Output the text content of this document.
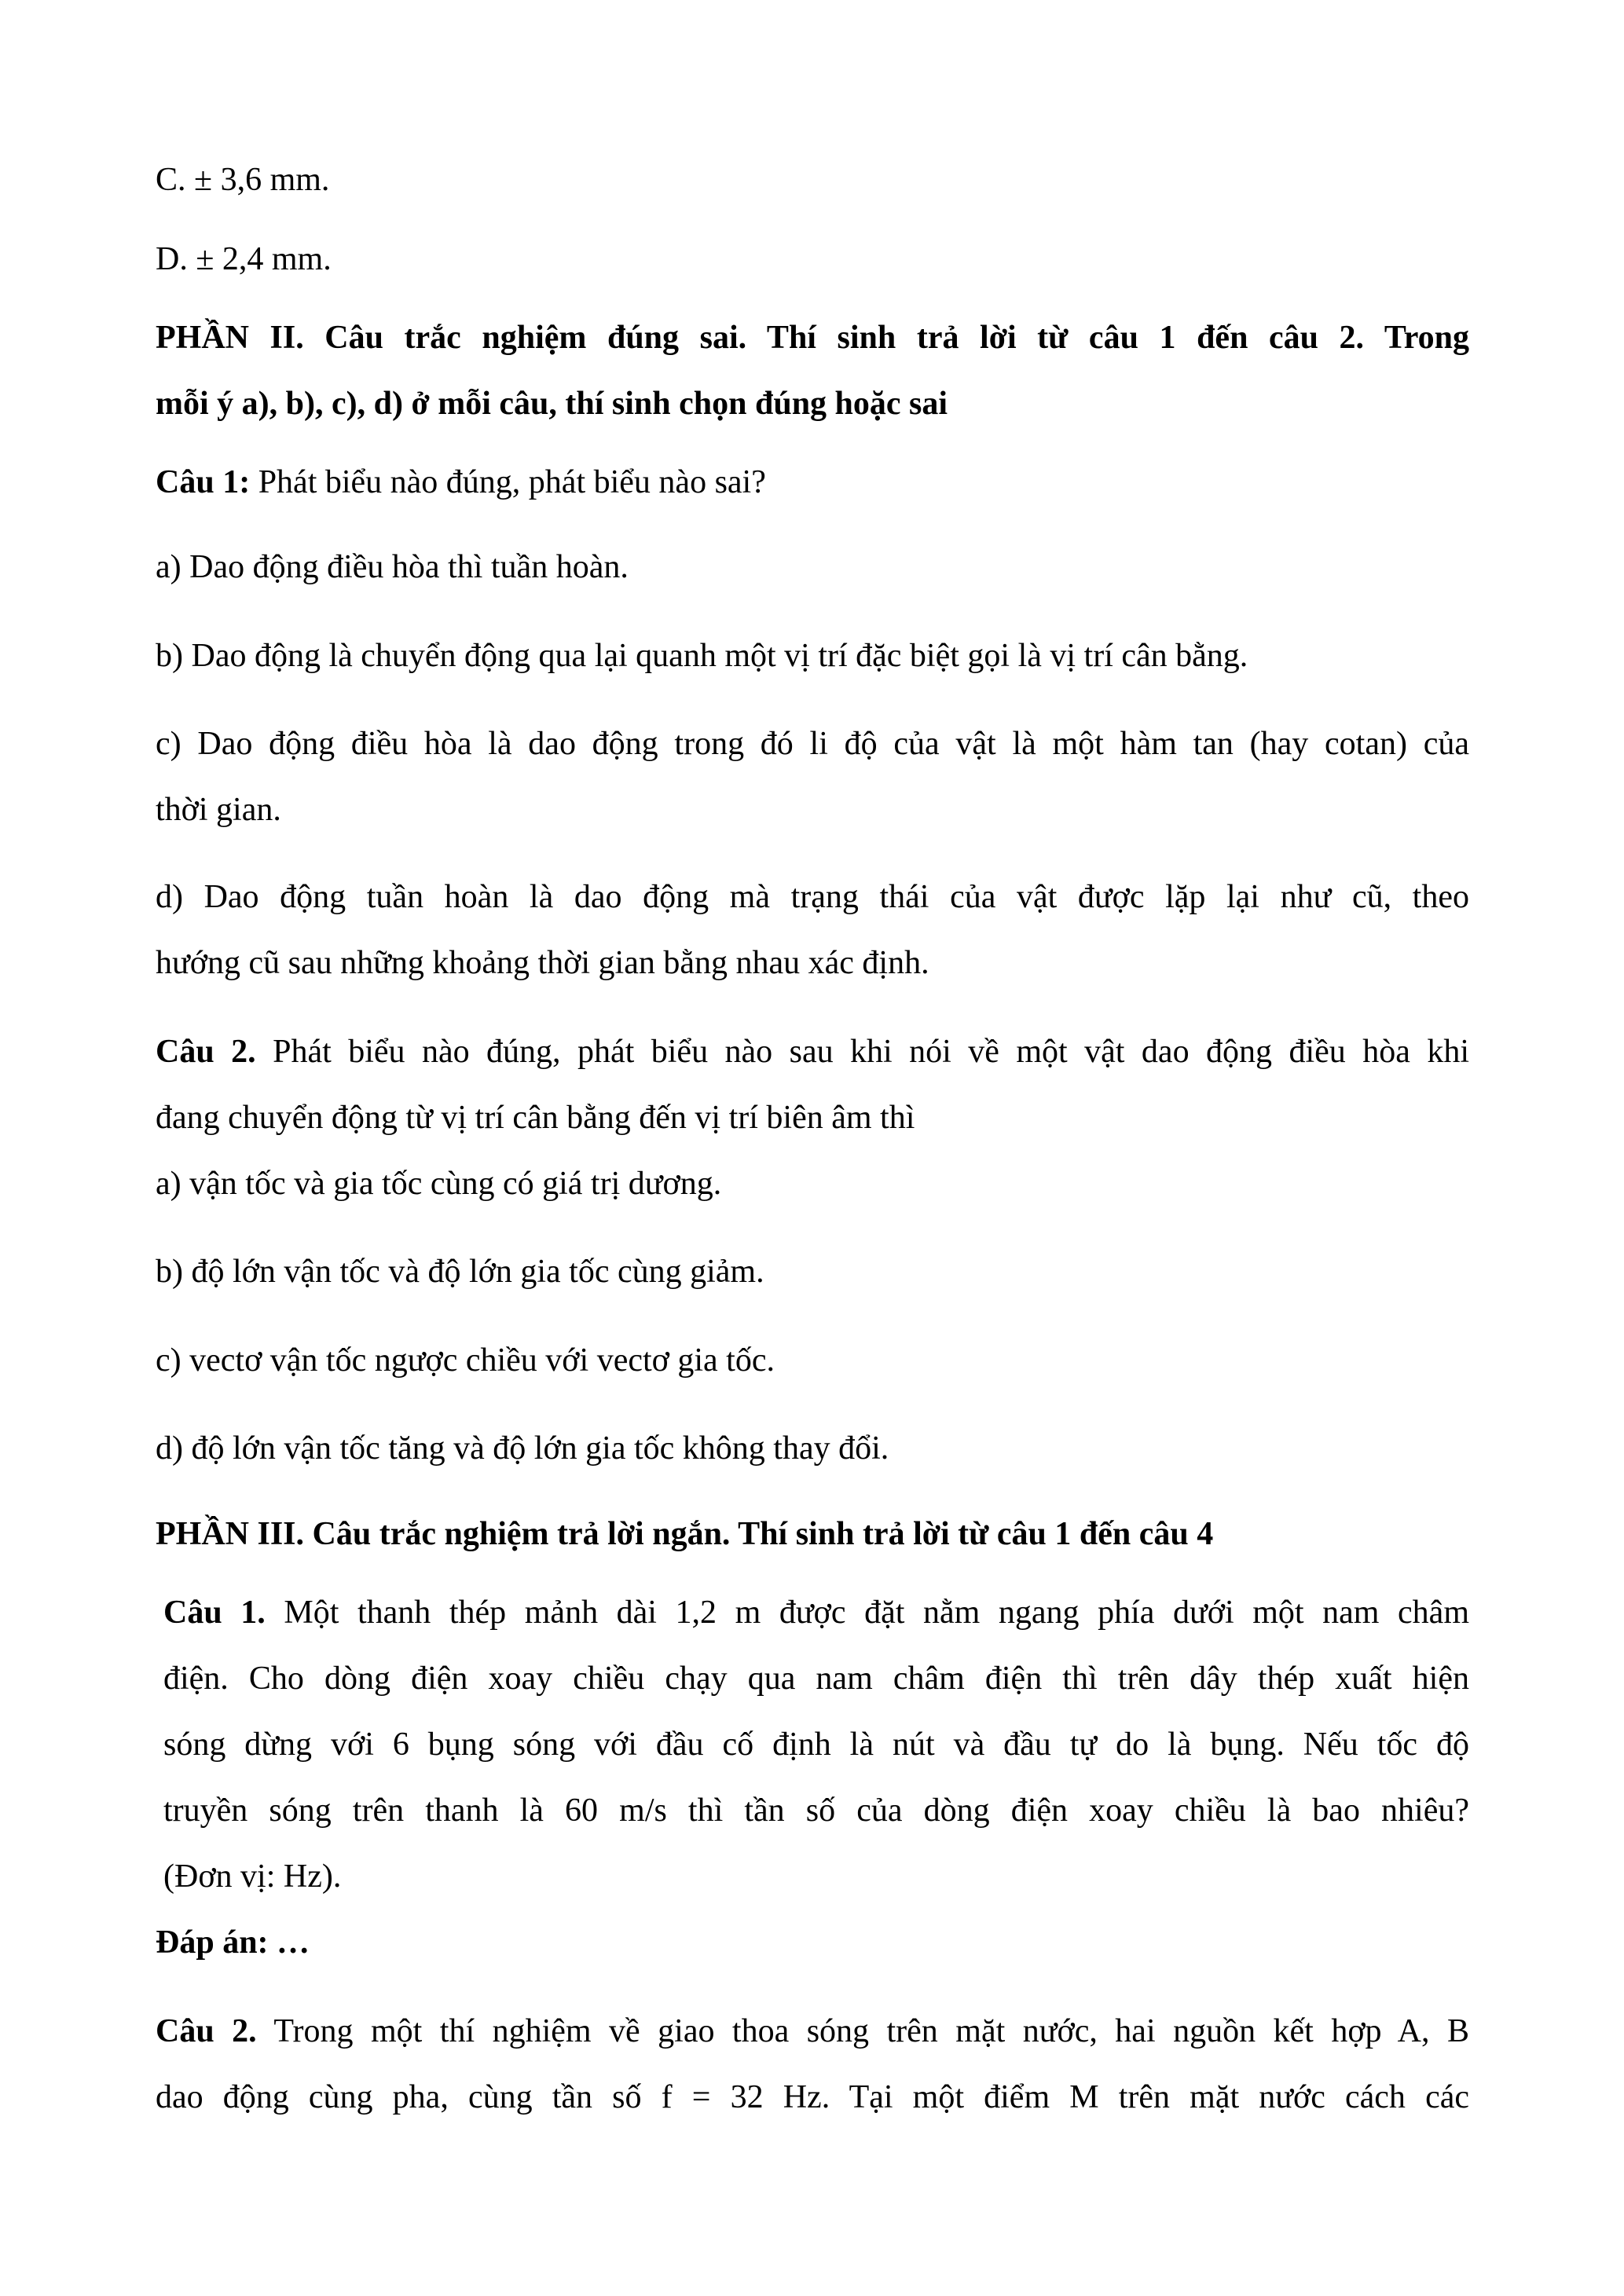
C. ± 3,6 mm.
D. ± 2,4 mm.
PHẦN II. Câu trắc nghiệm đúng sai. Thí sinh trả lời từ câu 1 đến câu 2. Trong
mỗi ý a), b), c), d) ở mỗi câu, thí sinh chọn đúng hoặc sai
Câu 1: Phát biểu nào đúng, phát biểu nào sai?
a) Dao động điều hòa thì tuần hoàn.
b) Dao động là chuyển động qua lại quanh một vị trí đặc biệt gọi là vị trí cân bằng.
c) Dao động điều hòa là dao động trong đó li độ của vật là một hàm tan (hay cotan) của
thời gian.
d) Dao động tuần hoàn là dao động mà trạng thái của vật được lặp lại như cũ, theo
hướng cũ sau những khoảng thời gian bằng nhau xác định.
Câu 2. Phát biểu nào đúng, phát biểu nào sau khi nói về một vật dao động điều hòa khi
đang chuyển động từ vị trí cân bằng đến vị trí biên âm thì
a) vận tốc và gia tốc cùng có giá trị dương.
b) độ lớn vận tốc và độ lớn gia tốc cùng giảm.
c) vectơ vận tốc ngược chiều với vectơ gia tốc.
d) độ lớn vận tốc tăng và độ lớn gia tốc không thay đổi.
PHẦN III. Câu trắc nghiệm trả lời ngắn. Thí sinh trả lời từ câu 1 đến câu 4
Câu 1. Một thanh thép mảnh dài 1,2 m được đặt nằm ngang phía dưới một nam châm
điện. Cho dòng điện xoay chiều chạy qua nam châm điện thì trên dây thép xuất hiện
sóng dừng với 6 bụng sóng với đầu cố định là nút và đầu tự do là bụng. Nếu tốc độ
truyền sóng trên thanh là 60 m/s thì tần số của dòng điện xoay chiều là bao nhiêu?
(Đơn vị: Hz).
Đáp án: …
Câu 2. Trong một thí nghiệm về giao thoa sóng trên mặt nước, hai nguồn kết hợp A, B
dao động cùng pha, cùng tần số f = 32 Hz. Tại một điểm M trên mặt nước cách các
